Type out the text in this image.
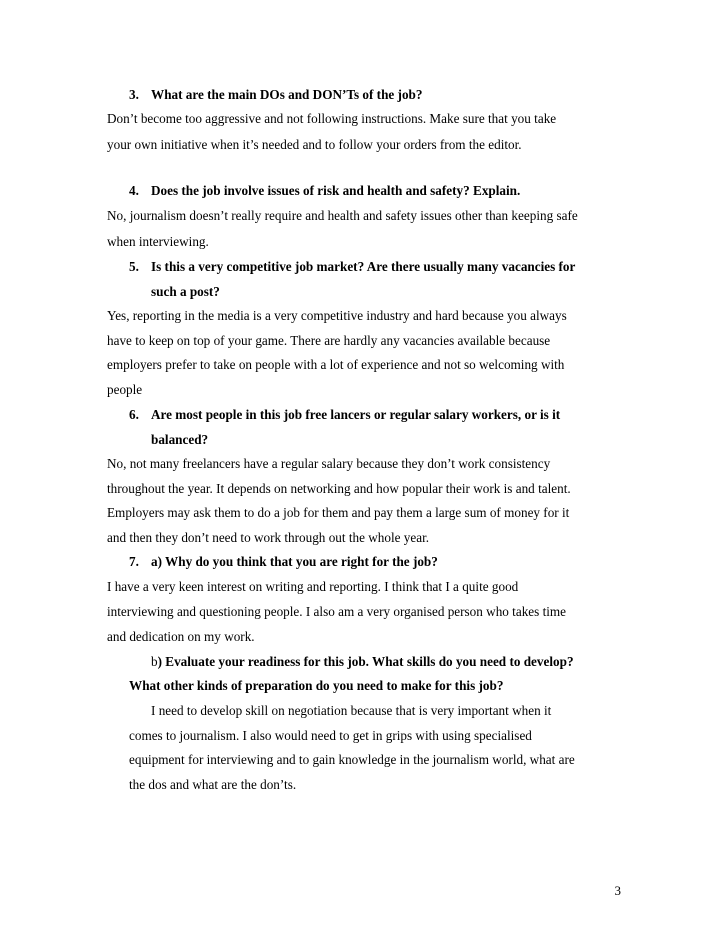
3. What are the main DOs and DON’Ts of the job?
Don’t become too aggressive and not following instructions. Make sure that you take
your own initiative when it’s needed and to follow your orders from the editor.
4. Does the job involve issues of risk and health and safety? Explain.
No, journalism doesn’t really require and health and safety issues other than keeping safe
when interviewing.
5. Is this a very competitive job market? Are there usually many vacancies for
such a post?
Yes, reporting in the media is a very competitive industry and hard because you always
have to keep on top of your game. There are hardly any vacancies available because
employers prefer to take on people with a lot of experience and not so welcoming with
people
6. Are most people in this job free lancers or regular salary workers, or is it
balanced?
No, not many freelancers have a regular salary because they don’t work consistency
throughout the year. It depends on networking and how popular their work is and talent.
Employers may ask them to do a job for them and pay them a large sum of money for it
and then they don’t need to work through out the whole year.
7. a) Why do you think that you are right for the job?
I have a very keen interest on writing and reporting. I think that I a quite good
interviewing and questioning people. I also am a very organised person who takes time
and dedication on my work.
b) Evaluate your readiness for this job. What skills do you need to develop?
What other kinds of preparation do you need to make for this job?
I need to develop skill on negotiation because that is very important when it
comes to journalism. I also would need to get in grips with using specialised
equipment for interviewing and to gain knowledge in the journalism world, what are
the dos and what are the don’ts.
3
